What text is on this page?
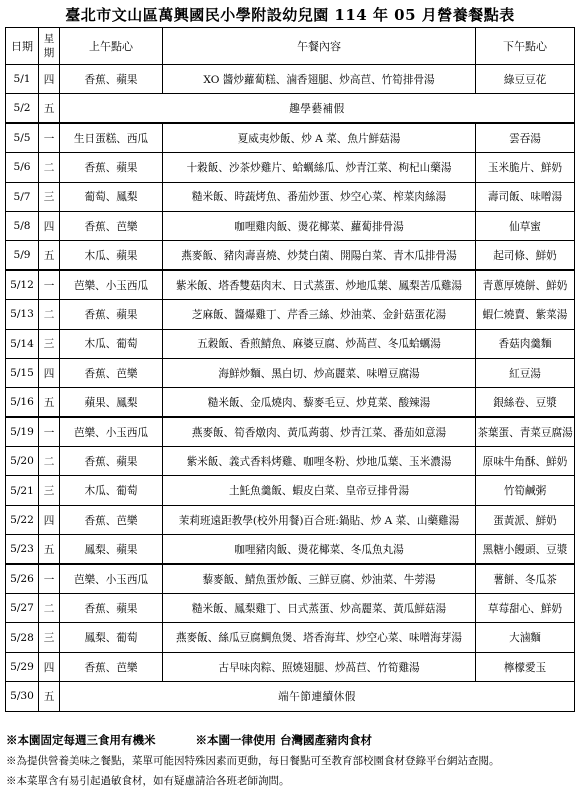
臺北市文山區萬興國民小學附設幼兒園 114 年 05 月營養餐點表
日期	星期	上午點心	午餐內容	下午點心
5/1	四	香蕉、蘋果	XO 醬炒蘿蔔糕、滷香翅腿、炒高苣、竹筍排骨湯	綠豆豆花
5/2	五	趣學藝補假		
5/5	一	生日蛋糕、西瓜	夏威夷炒飯、炒 A 菜、魚片鮮菇湯	雲吞湯
5/6	二	香蕉、蘋果	十穀飯、沙茶炒雞片、蛤蠣絲瓜、炒青江菜、枸杞山藥湯	玉米脆片、鮮奶
5/7	三	葡萄、鳳梨	糙米飯、時蔬烤魚、番茄炒蛋、炒空心菜、榨菜肉絲湯	壽司飯、味噌湯
5/8	四	香蕉、芭樂	咖哩雞肉飯、燙花椰菜、蘿蔔排骨湯	仙草蜜
5/9	五	木瓜、蘋果	燕麥飯、豬肉壽喜燒、炒焚白菌、開陽白菜、青木瓜排骨湯	起司條、鮮奶
5/12	一	芭樂、小玉西瓜	紫米飯、塔香雙菇肉末、日式蒸蛋、炒地瓜葉、鳳梨苦瓜雞湯	青蔥厚燒餅、鮮奶
5/13	二	香蕉、蘋果	芝麻飯、醬爆雞丁、芹香三絲、炒油菜、金針菇蛋花湯	蝦仁燒賣、紫菜湯
5/14	三	木瓜、葡萄	五穀飯、香煎鯖魚、麻婆豆腐、炒萵苣、冬瓜蛤蠣湯	香菇肉羹麵
5/15	四	香蕉、芭樂	海鮮炒麵、黑白切、炒高麗菜、味噌豆腐湯	紅豆湯
5/16	五	蘋果、鳳梨	糙米飯、金瓜燒肉、藜麥毛豆、炒莧菜、酸辣湯	銀絲卷、豆漿
5/19	一	芭樂、小玉西瓜	燕麥飯、筍香燉肉、黃瓜蒟蒻、炒青江菜、番茄如意湯	茶葉蛋、青菜豆腐湯
5/20	二	香蕉、蘋果	紫米飯、義式香料烤雞、咖哩冬粉、炒地瓜葉、玉米濃湯	原味牛角酥、鮮奶
5/21	三	木瓜、葡萄	土魠魚羹飯、蝦皮白菜、皇帝豆排骨湯	竹筍鹹粥
5/22	四	香蕉、芭樂	茉莉班遠距教學(校外用餐)百合班:鍋貼、炒 A 菜、山藥雞湯	蛋黃派、鮮奶
5/23	五	鳳梨、蘋果	咖哩豬肉飯、燙花椰菜、冬瓜魚丸湯	黑糖小饅頭、豆漿
5/26	一	芭樂、小玉西瓜	藜麥飯、鯖魚蛋炒飯、三鮮豆腐、炒油菜、牛蒡湯	薯餅、冬瓜茶
5/27	二	香蕉、蘋果	糙米飯、鳳梨雞丁、日式蒸蛋、炒高麗菜、黃瓜鮮菇湯	草莓甜心、鮮奶
5/28	三	鳳梨、葡萄	燕麥飯、絲瓜豆腐鯛魚煲、塔香海茸、炒空心菜、味噌海芽湯	大滷麵
5/29	四	香蕉、芭樂	古早味肉粽、照燒翅腿、炒萵苣、竹筍雞湯	檸檬愛玉
5/30	五	端午節連續休假		
※本園固定每週三食用有機米	※本園一律使用 台灣國產豬肉食材
※為提供營養美味之餐點，菜單可能因特殊因素而更動，每日餐點可至教育部校園食材登錄平台網站查閱。
※本菜單含有易引起過敏食材，如有疑慮請洽各班老師詢問。
